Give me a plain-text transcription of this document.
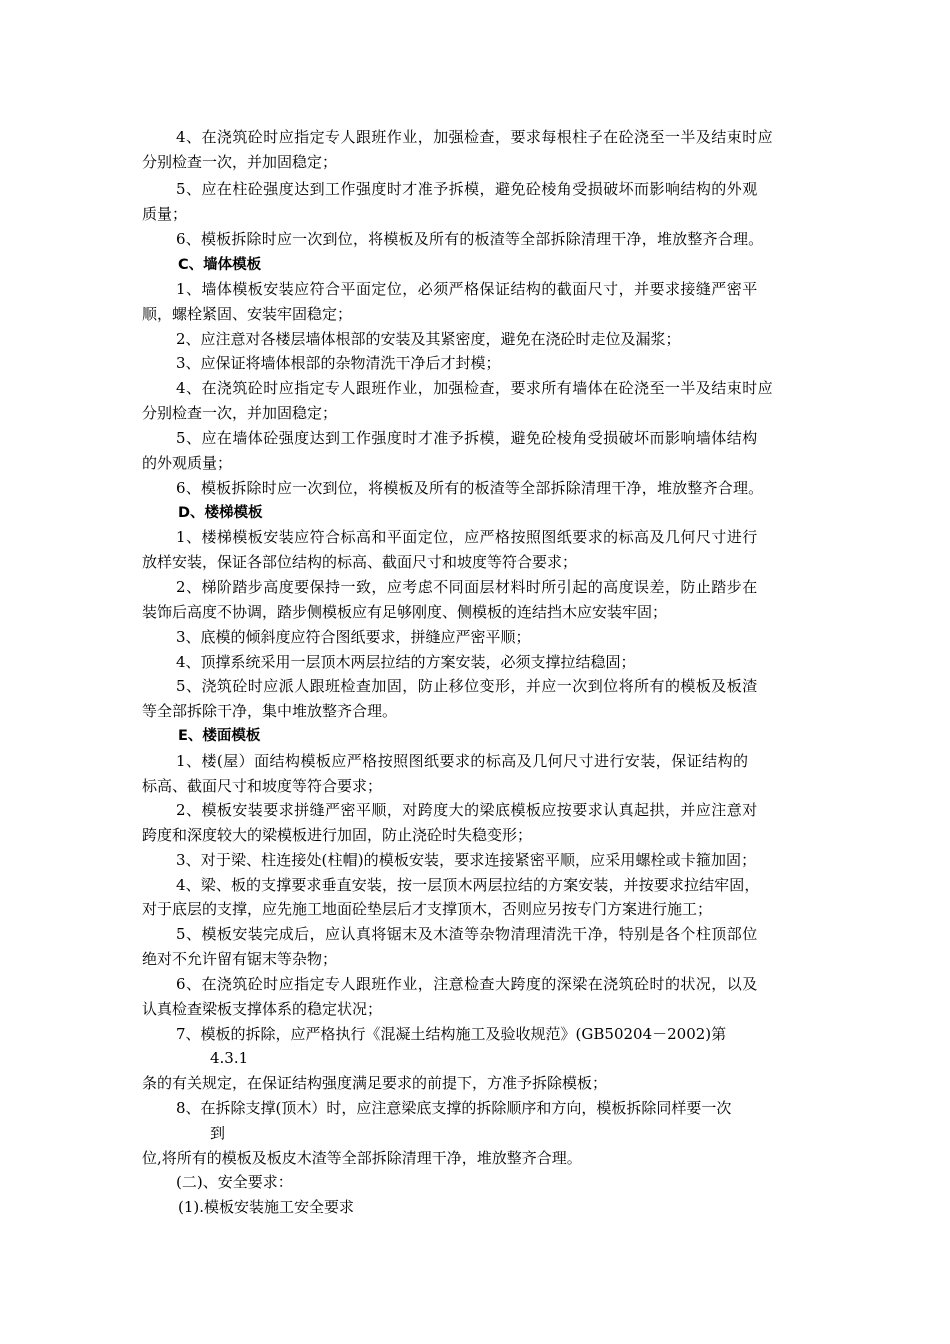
4、在浇筑砼时应指定专人跟班作业，加强检查，要求每根柱子在砼浇至一半及结束时应
分别检查一次，并加固稳定；
5、应在柱砼强度达到工作强度时才准予拆模，避免砼棱角受损破坏而影响结构的外观
质量；
6、模板拆除时应一次到位，将模板及所有的板渣等全部拆除清理干净，堆放整齐合理。
C、墙体模板
1、墙体模板安装应符合平面定位，必须严格保证结构的截面尺寸，并要求接缝严密平
顺，螺栓紧固、安装牢固稳定；
2、应注意对各楼层墙体根部的安装及其紧密度，避免在浇砼时走位及漏浆；
3、应保证将墙体根部的杂物清洗干净后才封模；
4、在浇筑砼时应指定专人跟班作业，加强检查，要求所有墙体在砼浇至一半及结束时应
分别检查一次，并加固稳定；
5、应在墙体砼强度达到工作强度时才准予拆模，避免砼棱角受损破坏而影响墙体结构
的外观质量；
6、模板拆除时应一次到位，将模板及所有的板渣等全部拆除清理干净，堆放整齐合理。
D、楼梯模板
1、楼梯模板安装应符合标高和平面定位，应严格按照图纸要求的标高及几何尺寸进行
放样安装，保证各部位结构的标高、截面尺寸和坡度等符合要求；
2、梯阶踏步高度要保持一致，应考虑不同面层材料时所引起的高度误差，防止踏步在
装饰后高度不协调，踏步侧模板应有足够刚度、侧模板的连结挡木应安装牢固；
3、底模的倾斜度应符合图纸要求，拼缝应严密平顺；
4、顶撑系统采用一层顶木两层拉结的方案安装，必须支撑拉结稳固；
5、浇筑砼时应派人跟班检查加固，防止移位变形，并应一次到位将所有的模板及板渣
等全部拆除干净，集中堆放整齐合理。
E、楼面模板
1、楼(屋）面结构模板应严格按照图纸要求的标高及几何尺寸进行安装，保证结构的
标高、截面尺寸和坡度等符合要求；
2、模板安装要求拼缝严密平顺，对跨度大的梁底模板应按要求认真起拱，并应注意对
跨度和深度较大的梁模板进行加固，防止浇砼时失稳变形；
3、对于梁、柱连接处(柱帽)的模板安装，要求连接紧密平顺，应采用螺栓或卡箍加固；
4、梁、板的支撑要求垂直安装，按一层顶木两层拉结的方案安装，并按要求拉结牢固，
对于底层的支撑，应先施工地面砼垫层后才支撑顶木，否则应另按专门方案进行施工；
5、模板安装完成后，应认真将锯末及木渣等杂物清理清洗干净，特别是各个柱顶部位
绝对不允许留有锯末等杂物；
6、在浇筑砼时应指定专人跟班作业，注意检查大跨度的深梁在浇筑砼时的状况，以及
认真检查梁板支撑体系的稳定状况；
7、模板的拆除，应严格执行《混凝土结构施工及验收规范》(GB50204－2002)第
4.3.1
条的有关规定，在保证结构强度满足要求的前提下，方准予拆除模板；
8、在拆除支撑(顶木）时，应注意梁底支撑的拆除顺序和方向，模板拆除同样要一次
到
位,将所有的模板及板皮木渣等全部拆除清理干净，堆放整齐合理。
(二)、安全要求：
(1).模板安装施工安全要求
